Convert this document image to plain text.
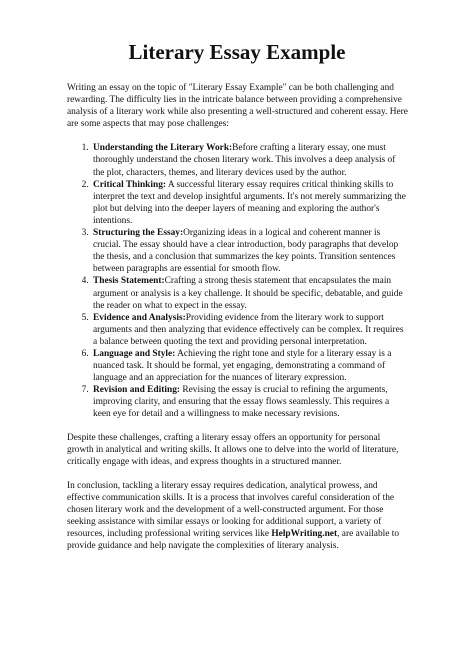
Literary Essay Example

Writing an essay on the topic of "Literary Essay Example" can be both challenging and rewarding. The difficulty lies in the intricate balance between providing a comprehensive analysis of a literary work while also presenting a well-structured and coherent essay. Here are some aspects that may pose challenges:

1. Understanding the Literary Work:Before crafting a literary essay, one must thoroughly understand the chosen literary work. This involves a deep analysis of the plot, characters, themes, and literary devices used by the author.
2. Critical Thinking: A successful literary essay requires critical thinking skills to interpret the text and develop insightful arguments. It's not merely summarizing the plot but delving into the deeper layers of meaning and exploring the author's intentions.
3. Structuring the Essay:Organizing ideas in a logical and coherent manner is crucial. The essay should have a clear introduction, body paragraphs that develop the thesis, and a conclusion that summarizes the key points. Transition sentences between paragraphs are essential for smooth flow.
4. Thesis Statement:Crafting a strong thesis statement that encapsulates the main argument or analysis is a key challenge. It should be specific, debatable, and guide the reader on what to expect in the essay.
5. Evidence and Analysis:Providing evidence from the literary work to support arguments and then analyzing that evidence effectively can be complex. It requires a balance between quoting the text and providing personal interpretation.
6. Language and Style: Achieving the right tone and style for a literary essay is a nuanced task. It should be formal, yet engaging, demonstrating a command of language and an appreciation for the nuances of literary expression.
7. Revision and Editing: Revising the essay is crucial to refining the arguments, improving clarity, and ensuring that the essay flows seamlessly. This requires a keen eye for detail and a willingness to make necessary revisions.

Despite these challenges, crafting a literary essay offers an opportunity for personal growth in analytical and writing skills. It allows one to delve into the world of literature, critically engage with ideas, and express thoughts in a structured manner.

In conclusion, tackling a literary essay requires dedication, analytical prowess, and effective communication skills. It is a process that involves careful consideration of the chosen literary work and the development of a well-constructed argument. For those seeking assistance with similar essays or looking for additional support, a variety of resources, including professional writing services like HelpWriting.net, are available to provide guidance and help navigate the complexities of literary analysis.
